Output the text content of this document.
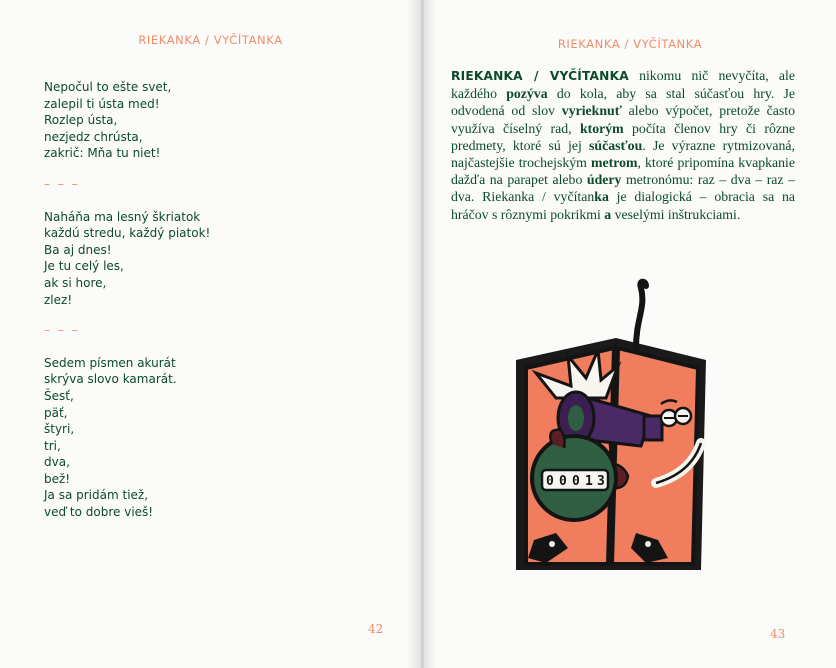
RIEKANKA / VYČÍTANKA
Nepočul to ešte svet,
zalepil ti ústa med!
Rozlep ústa,
nezjedz chrústa,
zakrič: Mňa tu niet!
– – –
Naháňa ma lesný škriatok
každú stredu, každý piatok!
Ba aj dnes!
Je tu celý les,
ak si hore,
zlez!
– – –
Sedem písmen akurát
skrýva slovo kamarát.
Šesť,
päť,
štyri,
tri,
dva,
bež!
Ja sa pridám tiež,
veď to dobre vieš!
42
RIEKANKA / VYČÍTANKA
RIEKANKA / VYČÍTANKA nikomu nič nevyčíta, ale každého pozýva do kola, aby sa stal súčasťou hry. Je odvodená od slov vyrieknuť alebo výpočet, pretože často využíva číselný rad, ktorým počíta členov hry či rôzne predmety, ktoré sú jej súčasťou. Je výrazne rytmizovaná, najčastejšie trochejským metrom, ktoré pripomína kvapkanie dažďa na parapet alebo údery metronómu: raz – dva – raz – dva. Riekanka / vyčítanka je dialogická – obracia sa na hráčov s rôznymi pokrikmi a veselými inštrukciami.
0 0 0 1 3
43
